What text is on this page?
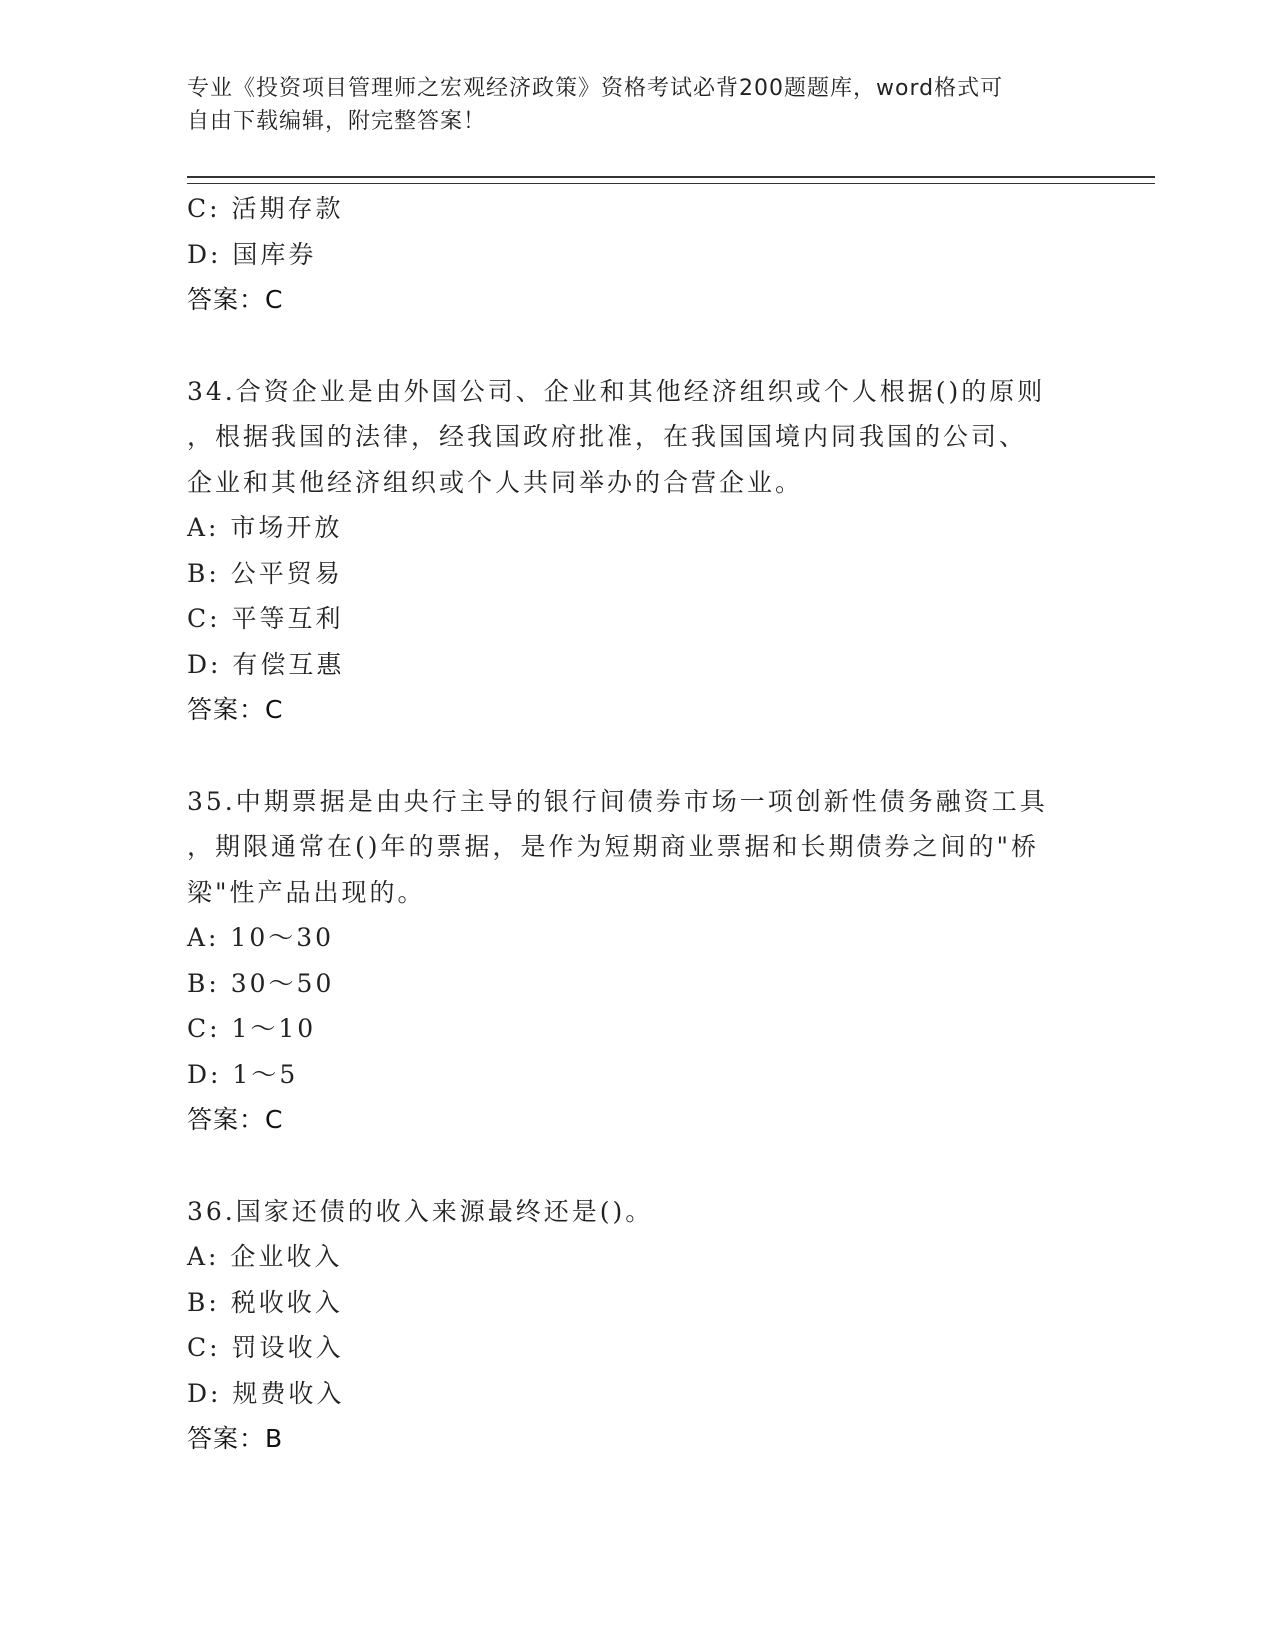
专业《投资项目管理师之宏观经济政策》资格考试必背200题题库，word格式可
自由下载编辑，附完整答案！
C: 活期存款
D: 国库券
答案：C
34.合资企业是由外国公司、企业和其他经济组织或个人根据()的原则
，根据我国的法律，经我国政府批准，在我国国境内同我国的公司、
企业和其他经济组织或个人共同举办的合营企业。
A: 市场开放
B: 公平贸易
C: 平等互利
D: 有偿互惠
答案：C
35.中期票据是由央行主导的银行间债券市场一项创新性债务融资工具
，期限通常在()年的票据，是作为短期商业票据和长期债券之间的"桥
梁"性产品出现的。
A: 10～30
B: 30～50
C: 1～10
D: 1～5
答案：C
36.国家还债的收入来源最终还是()。
A: 企业收入
B: 税收收入
C: 罚设收入
D: 规费收入
答案：B
